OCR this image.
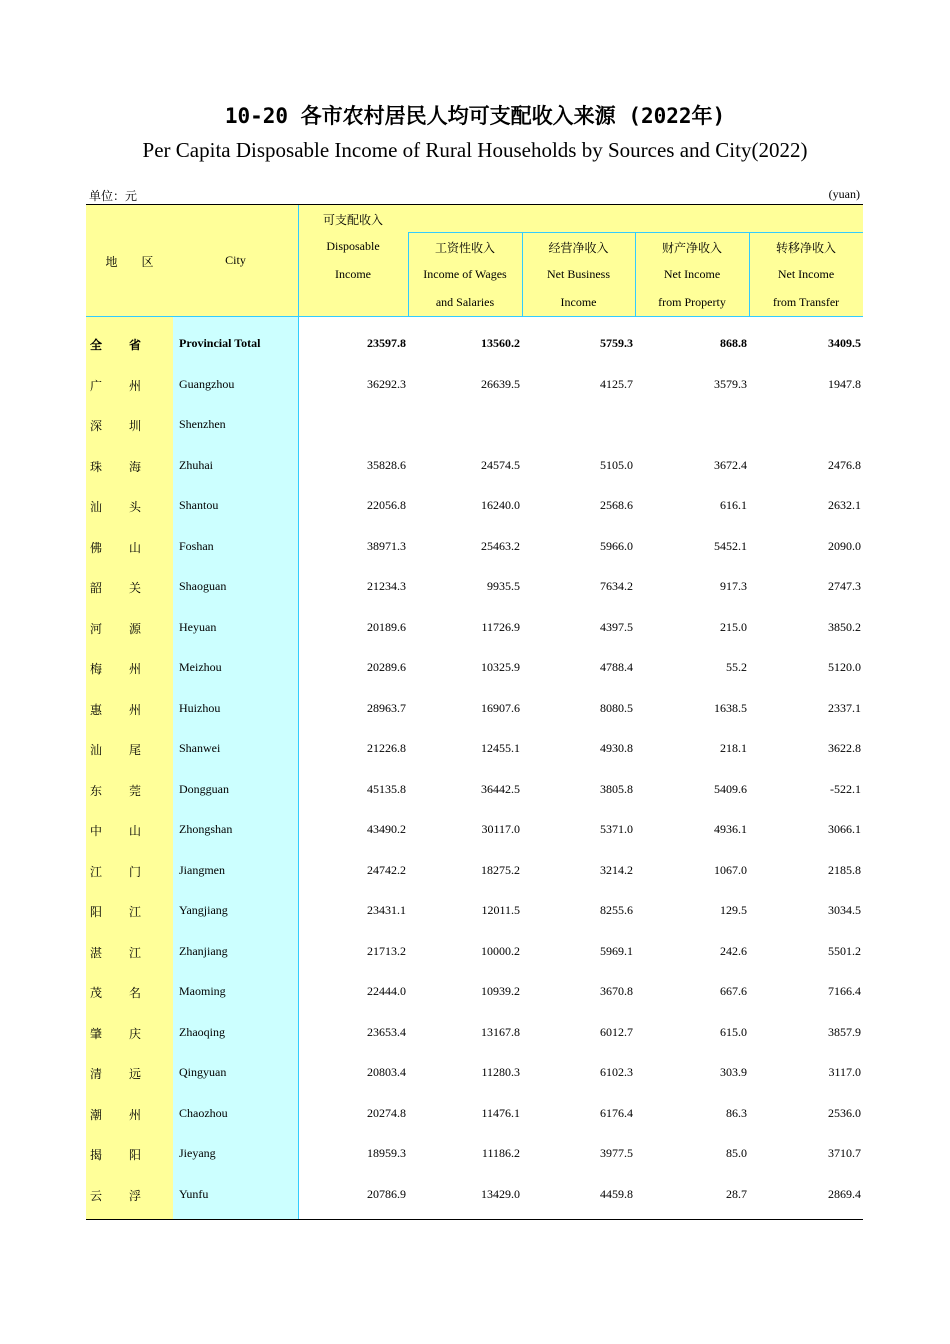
10-20 各市农村居民人均可支配收入来源 (2022年)
Per Capita Disposable Income of Rural Households by Sources and City(2022)
单位：元	(yuan)
地　　区	City
可支配收入
Disposable
Income
工资性收入
Income of Wages
and Salaries
经营净收入
Net Business
Income
财产净收入
Net Income
from Property
转移净收入
Net Income
from Transfer
全 省	Provincial Total	23597.8	13560.2	5759.3	868.8	3409.5
广 州	Guangzhou	36292.3	26639.5	4125.7	3579.3	1947.8
深 圳	Shenzhen
珠 海	Zhuhai	35828.6	24574.5	5105.0	3672.4	2476.8
汕 头	Shantou	22056.8	16240.0	2568.6	616.1	2632.1
佛 山	Foshan	38971.3	25463.2	5966.0	5452.1	2090.0
韶 关	Shaoguan	21234.3	9935.5	7634.2	917.3	2747.3
河 源	Heyuan	20189.6	11726.9	4397.5	215.0	3850.2
梅 州	Meizhou	20289.6	10325.9	4788.4	55.2	5120.0
惠 州	Huizhou	28963.7	16907.6	8080.5	1638.5	2337.1
汕 尾	Shanwei	21226.8	12455.1	4930.8	218.1	3622.8
东 莞	Dongguan	45135.8	36442.5	3805.8	5409.6	-522.1
中 山	Zhongshan	43490.2	30117.0	5371.0	4936.1	3066.1
江 门	Jiangmen	24742.2	18275.2	3214.2	1067.0	2185.8
阳 江	Yangjiang	23431.1	12011.5	8255.6	129.5	3034.5
湛 江	Zhanjiang	21713.2	10000.2	5969.1	242.6	5501.2
茂 名	Maoming	22444.0	10939.2	3670.8	667.6	7166.4
肇 庆	Zhaoqing	23653.4	13167.8	6012.7	615.0	3857.9
清 远	Qingyuan	20803.4	11280.3	6102.3	303.9	3117.0
潮 州	Chaozhou	20274.8	11476.1	6176.4	86.3	2536.0
揭 阳	Jieyang	18959.3	11186.2	3977.5	85.0	3710.7
云 浮	Yunfu	20786.9	13429.0	4459.8	28.7	2869.4
